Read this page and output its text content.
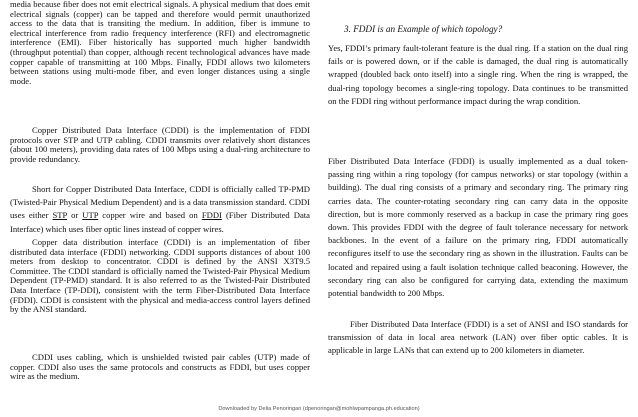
media because fiber does not emit electrical signals. A physical medium that does emit electrical signals (copper) can be tapped and therefore would permit unauthorized access to the data that is transiting the medium. In addition, fiber is immune to electrical interference from radio frequency interference (RFI) and electromagnetic interference (EMI). Fiber historically has supported much higher bandwidth (throughput potential) than copper, although recent technological advances have made copper capable of transmitting at 100 Mbps. Finally, FDDI allows two kilometers between stations using multi-mode fiber, and even longer distances using a single mode.

Copper Distributed Data Interface (CDDI) is the implementation of FDDI protocols over STP and UTP cabling. CDDI transmits over relatively short distances (about 100 meters), providing data rates of 100 Mbps using a dual-ring architecture to provide redundancy.

Short for Copper Distributed Data Interface, CDDI is officially called TP-PMD (Twisted-Pair Physical Medium Dependent) and is a data transmission standard. CDDI uses either STP or UTP copper wire and based on FDDI (Fiber Distributed Data Interface) which uses fiber optic lines instead of copper wires.

Copper data distribution interface (CDDI) is an implementation of fiber distributed data interface (FDDI) networking. CDDI supports distances of about 100 meters from desktop to concentrator. CDDI is defined by the ANSI X3T9.5 Committee. The CDDI standard is officially named the Twisted-Pair Physical Medium Dependent (TP-PMD) standard. It is also referred to as the Twisted-Pair Distributed Data Interface (TP-DDI), consistent with the term Fiber-Distributed Data Interface (FDDI). CDDI is consistent with the physical and media-access control layers defined by the ANSI standard.

CDDI uses cabling, which is unshielded twisted pair cables (UTP) made of copper. CDDI also uses the same protocols and constructs as FDDI, but uses copper wire as the medium.

3. FDDI is an Example of which topology?

Yes, FDDI’s primary fault-tolerant feature is the dual ring. If a station on the dual ring fails or is powered down, or if the cable is damaged, the dual ring is automatically wrapped (doubled back onto itself) into a single ring. When the ring is wrapped, the dual-ring topology becomes a single-ring topology. Data continues to be transmitted on the FDDI ring without performance impact during the wrap condition.

Fiber Distributed Data Interface (FDDI) is usually implemented as a dual token-passing ring within a ring topology (for campus networks) or star topology (within a building). The dual ring consists of a primary and secondary ring. The primary ring carries data. The counter-rotating secondary ring can carry data in the opposite direction, but is more commonly reserved as a backup in case the primary ring goes down. This provides FDDI with the degree of fault tolerance necessary for network backbones. In the event of a failure on the primary ring, FDDI automatically reconfigures itself to use the secondary ring as shown in the illustration. Faults can be located and repaired using a fault isolation technique called beaconing. However, the secondary ring can also be configured for carrying data, extending the maximum potential bandwidth to 200 Mbps.

Fiber Distributed Data Interface (FDDI) is a set of ANSI and ISO standards for transmission of data in local area network (LAN) over fiber optic cables. It is applicable in large LANs that can extend up to 200 kilometers in diameter.

Downloaded by Delia Penoringan (dpenoringan@mohlwpampanga.ph.education)
